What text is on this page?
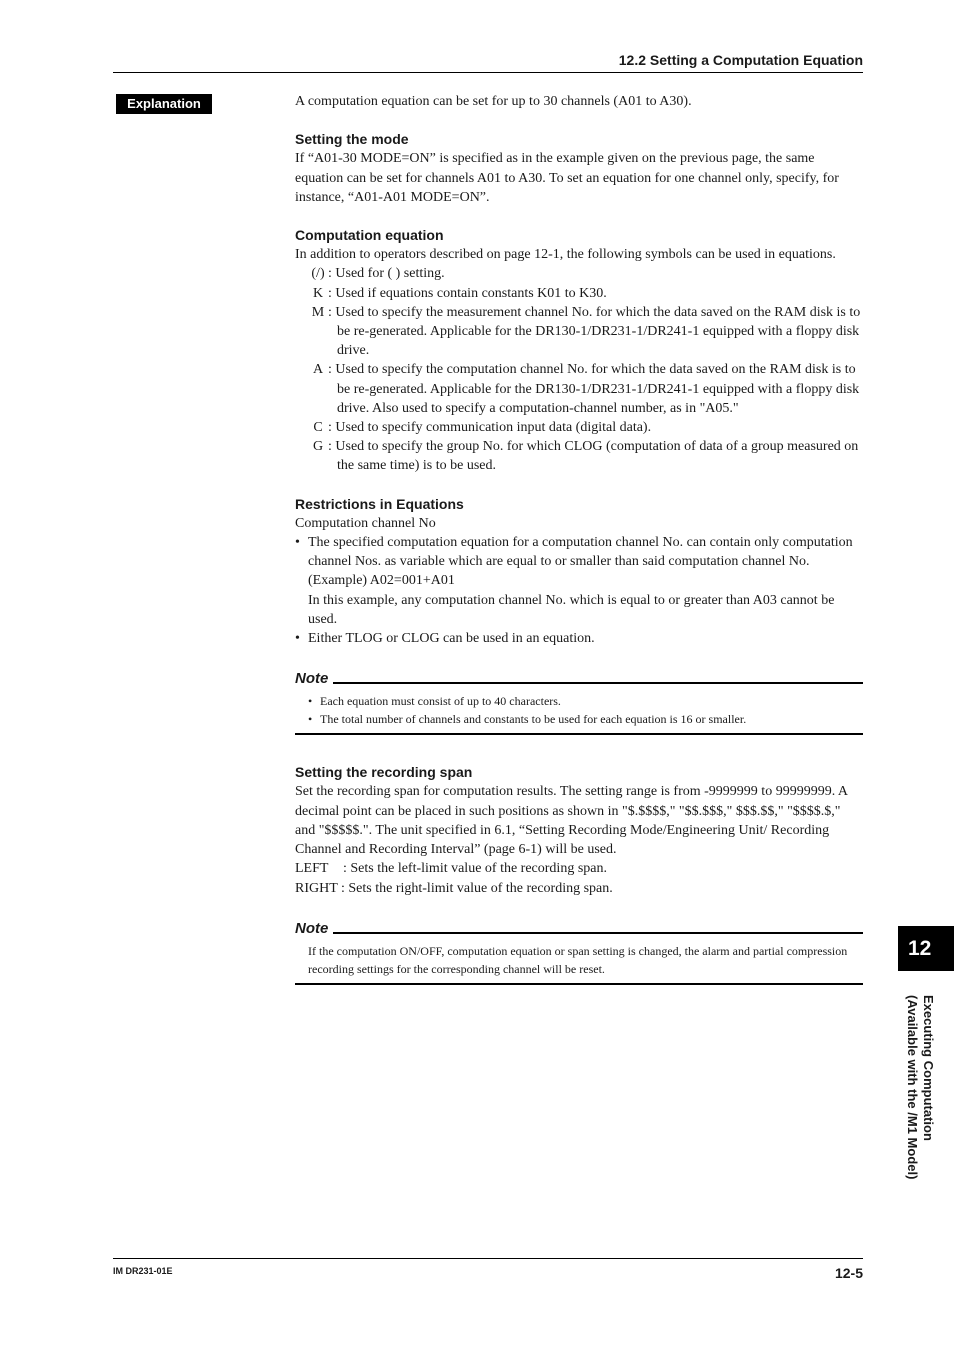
12.2 Setting a Computation Equation
Explanation	A computation equation can be set for up to 30 channels (A01 to A30).

Setting the mode

If “A01-30 MODE=ON” is specified as in the example given on the previous page, the same equation can be set for channels A01 to A30. To set an equation for one channel only, specify, for instance, “A01-A01 MODE=ON”.

Computation equation

In addition to operators described on page 12-1, the following symbols can be used in equations.

(/) : Used for ( ) setting.
K : Used if equations contain constants K01 to K30.
M : Used to specify the measurement channel No. for which the data saved on the RAM disk is to be re-generated. Applicable for the DR130-1/DR231-1/DR241-1 equipped with a floppy disk drive.
A : Used to specify the computation channel No. for which the data saved on the RAM disk is to be re-generated. Applicable for the DR130-1/DR231-1/DR241-1 equipped with a floppy disk drive. Also used to specify a computation-channel number, as in "A05."
C : Used to specify communication input data (digital data).
G : Used to specify the group No. for which CLOG (computation of data of a group measured on the same time) is to be used.

Restrictions in Equations

Computation channel No

• The specified computation equation for a computation channel No. can contain only computation channel Nos. as variable which are equal to or smaller than said computation channel No.

(Example) A02=001+A01

In this example, any computation channel No. which is equal to or greater than A03 cannot be used.

• Either TLOG or CLOG can be used in an equation.
Note
• Each equation must consist of up to 40 characters.
• The total number of channels and constants to be used for each equation is 16 or smaller.

Setting the recording span

Set the recording span for computation results. The setting range is from -9999999 to 99999999. A decimal point can be placed in such positions as shown in "$.$$$$," "$$.$$$," $$$.$$," "$$$$.$," and "$$$$$.". The unit specified in 6.1, “Setting Recording Mode/Engineering Unit/ Recording Channel and Recording Interval” (page 6-1) will be used.

LEFT	: Sets the left-limit value of the recording span.
RIGHT : Sets the right-limit value of the recording span.
Note
If the computation ON/OFF, computation equation or span setting is changed, the alarm and partial compression recording settings for the corresponding channel will be reset.
12
Executing Computation
(Available with the /M1 Model)
IM DR231-01E	12-5
